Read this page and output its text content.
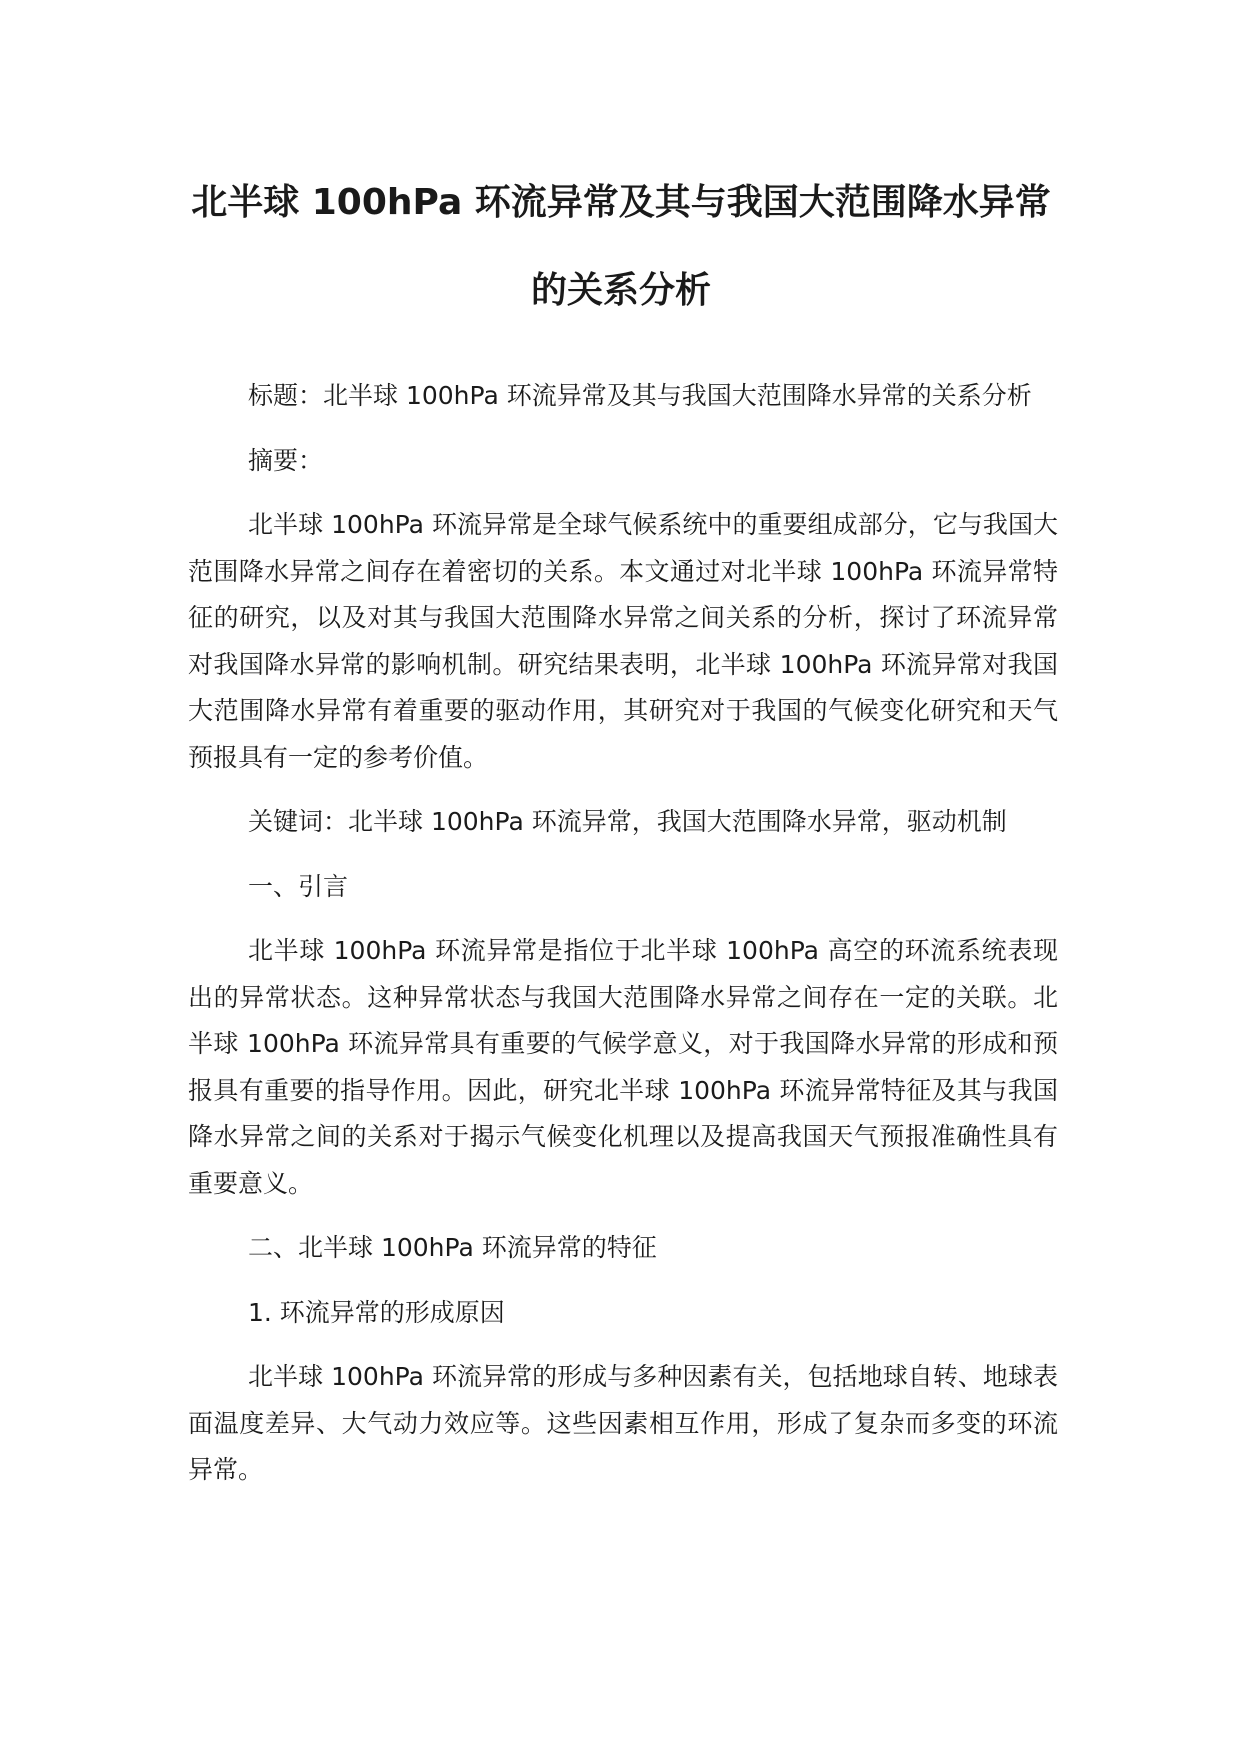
北半球 100hPa 环流异常及其与我国大范围降水异常的关系分析

标题：北半球 100hPa 环流异常及其与我国大范围降水异常的关系分析

摘要：

北半球 100hPa 环流异常是全球气候系统中的重要组成部分，它与我国大范围降水异常之间存在着密切的关系。本文通过对北半球 100hPa 环流异常特征的研究，以及对其与我国大范围降水异常之间关系的分析，探讨了环流异常对我国降水异常的影响机制。研究结果表明，北半球 100hPa 环流异常对我国大范围降水异常有着重要的驱动作用，其研究对于我国的气候变化研究和天气预报具有一定的参考价值。

关键词：北半球 100hPa 环流异常，我国大范围降水异常，驱动机制

一、引言

北半球 100hPa 环流异常是指位于北半球 100hPa 高空的环流系统表现出的异常状态。这种异常状态与我国大范围降水异常之间存在一定的关联。北半球 100hPa 环流异常具有重要的气候学意义，对于我国降水异常的形成和预报具有重要的指导作用。因此，研究北半球 100hPa 环流异常特征及其与我国降水异常之间的关系对于揭示气候变化机理以及提高我国天气预报准确性具有重要意义。

二、北半球 100hPa 环流异常的特征

1. 环流异常的形成原因

北半球 100hPa 环流异常的形成与多种因素有关，包括地球自转、地球表面温度差异、大气动力效应等。这些因素相互作用，形成了复杂而多变的环流异常。
